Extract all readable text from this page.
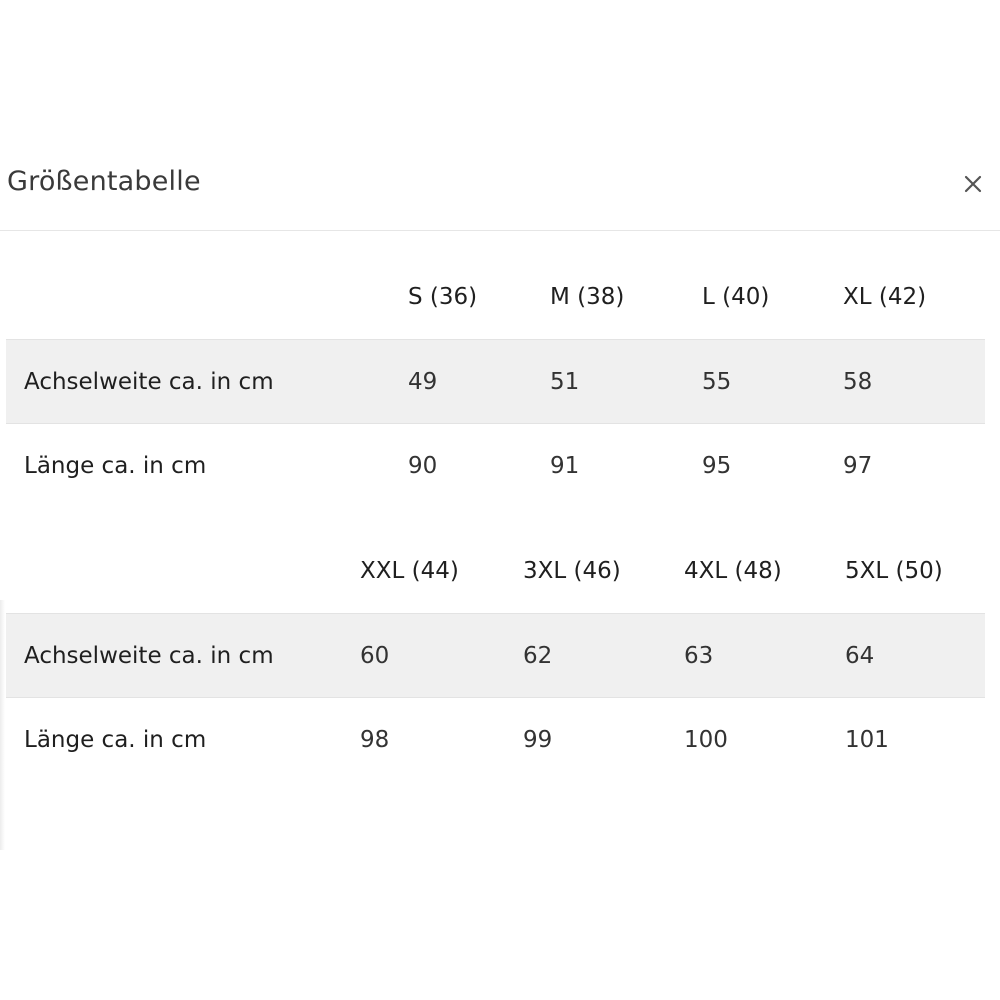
Größentabelle
	S (36)	M (38)	L (40)	XL (42)
Achselweite ca. in cm	49	51	55	58
Länge ca. in cm	90	91	95	97
	XXL (44)	3XL (46)	4XL (48)	5XL (50)
Achselweite ca. in cm	60	62	63	64
Länge ca. in cm	98	99	100	101
